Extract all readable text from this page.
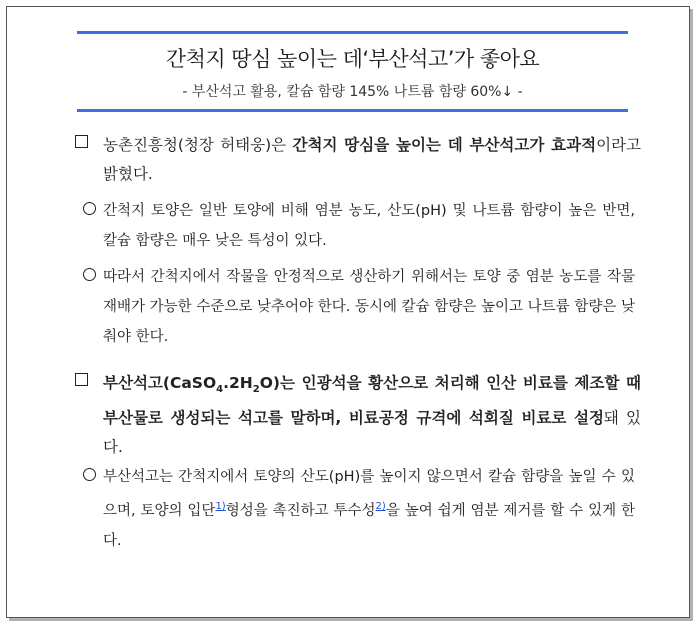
간척지 땅심 높이는 데‘부산석고’가 좋아요
- 부산석고 활용, 칼슘 함량 145% 나트륨 함량 60%↓ -
농촌진흥청(청장 허태웅)은 간척지 땅심을 높이는 데 부산석고가 효과적이라고 밝혔다.
간척지 토양은 일반 토양에 비해 염분 농도, 산도(pH) 및 나트륨 함량이 높은 반면, 칼슘 함량은 매우 낮은 특성이 있다.
따라서 간척지에서 작물을 안정적으로 생산하기 위해서는 토양 중 염분 농도를 작물 재배가 가능한 수준으로 낮추어야 한다. 동시에 칼슘 함량은 높이고 나트륨 함량은 낮춰야 한다.
부산석고$(CaSO_4.2H_2O)$는 인광석을 황산으로 처리해 인산 비료를 제조할 때 부산물로 생성되는 석고를 말하며, 비료공정 규격에 석회질 비료로 설정돼 있다.
부산석고는 간척지에서 토양의 산도(pH)를 높이지 않으면서 칼슘 함량을 높일 수 있으며, 토양의 입단$^{1)}$형성을 촉진하고 투수성$^{2)}$을 높여 쉽게 염분 제거를 할 수 있게 한다.
